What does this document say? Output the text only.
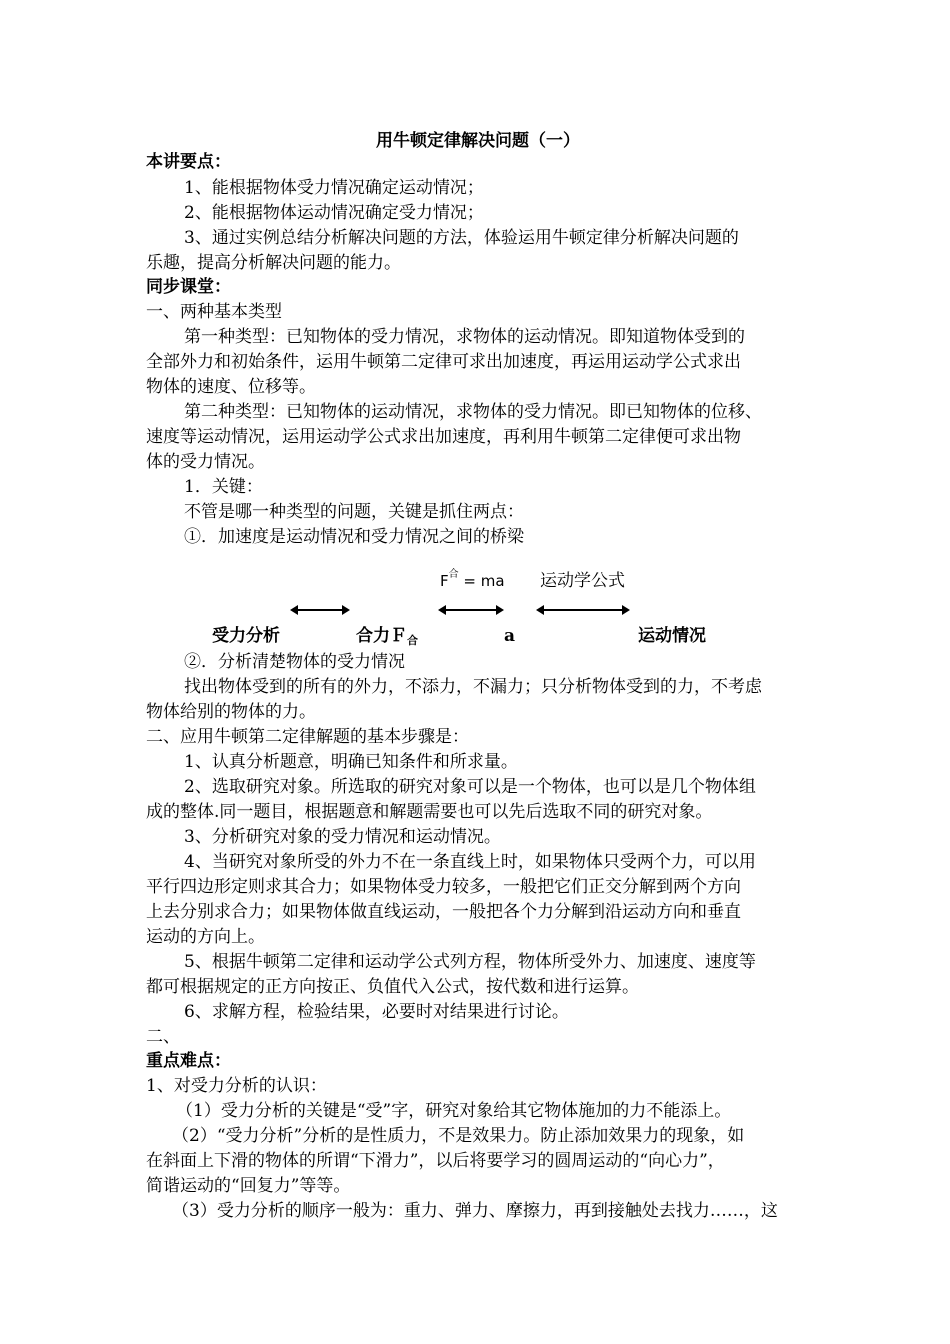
用牛顿定律解决问题（一）
本讲要点：
1、能根据物体受力情况确定运动情况；
2、能根据物体运动情况确定受力情况；
3、通过实例总结分析解决问题的方法，体验运用牛顿定律分析解决问题的
乐趣，提高分析解决问题的能力。
同步课堂：
一、两种基本类型
第一种类型：已知物体的受力情况，求物体的运动情况。即知道物体受到的
全部外力和初始条件，运用牛顿第二定律可求出加速度，再运用运动学公式求出
物体的速度、位移等。
第二种类型：已知物体的运动情况，求物体的受力情况。即已知物体的位移、
速度等运动情况，运用运动学公式求出加速度，再利用牛顿第二定律便可求出物
体的受力情况。
1．关键：
不管是哪一种类型的问题，关键是抓住两点：
①．加速度是运动情况和受力情况之间的桥梁
$F^合$ = ma 运动学公式
受力分析	合力Ｆ合	a	运动情况
②．分析清楚物体的受力情况
找出物体受到的所有的外力，不添力，不漏力；只分析物体受到的力，不考虑
物体给别的物体的力。
二、应用牛顿第二定律解题的基本步骤是：
1、认真分析题意，明确已知条件和所求量。
2、选取研究对象。所选取的研究对象可以是一个物体，也可以是几个物体组
成的整体.同一题目，根据题意和解题需要也可以先后选取不同的研究对象。
3、分析研究对象的受力情况和运动情况。
4、当研究对象所受的外力不在一条直线上时，如果物体只受两个力，可以用
平行四边形定则求其合力；如果物体受力较多，一般把它们正交分解到两个方向
上去分别求合力；如果物体做直线运动，一般把各个力分解到沿运动方向和垂直
运动的方向上。
5、根据牛顿第二定律和运动学公式列方程，物体所受外力、加速度、速度等
都可根据规定的正方向按正、负值代入公式，按代数和进行运算。
6、求解方程，检验结果，必要时对结果进行讨论。
二、
重点难点：
1、对受力分析的认识：
（1）受力分析的关键是“受”字，研究对象给其它物体施加的力不能添上。
（2）“受力分析”分析的是性质力，不是效果力。防止添加效果力的现象，如
在斜面上下滑的物体的所谓“下滑力”，以后将要学习的圆周运动的“向心力”，
简谐运动的“回复力”等等。
（3）受力分析的顺序一般为：重力、弹力、摩擦力，再到接触处去找力……，这
